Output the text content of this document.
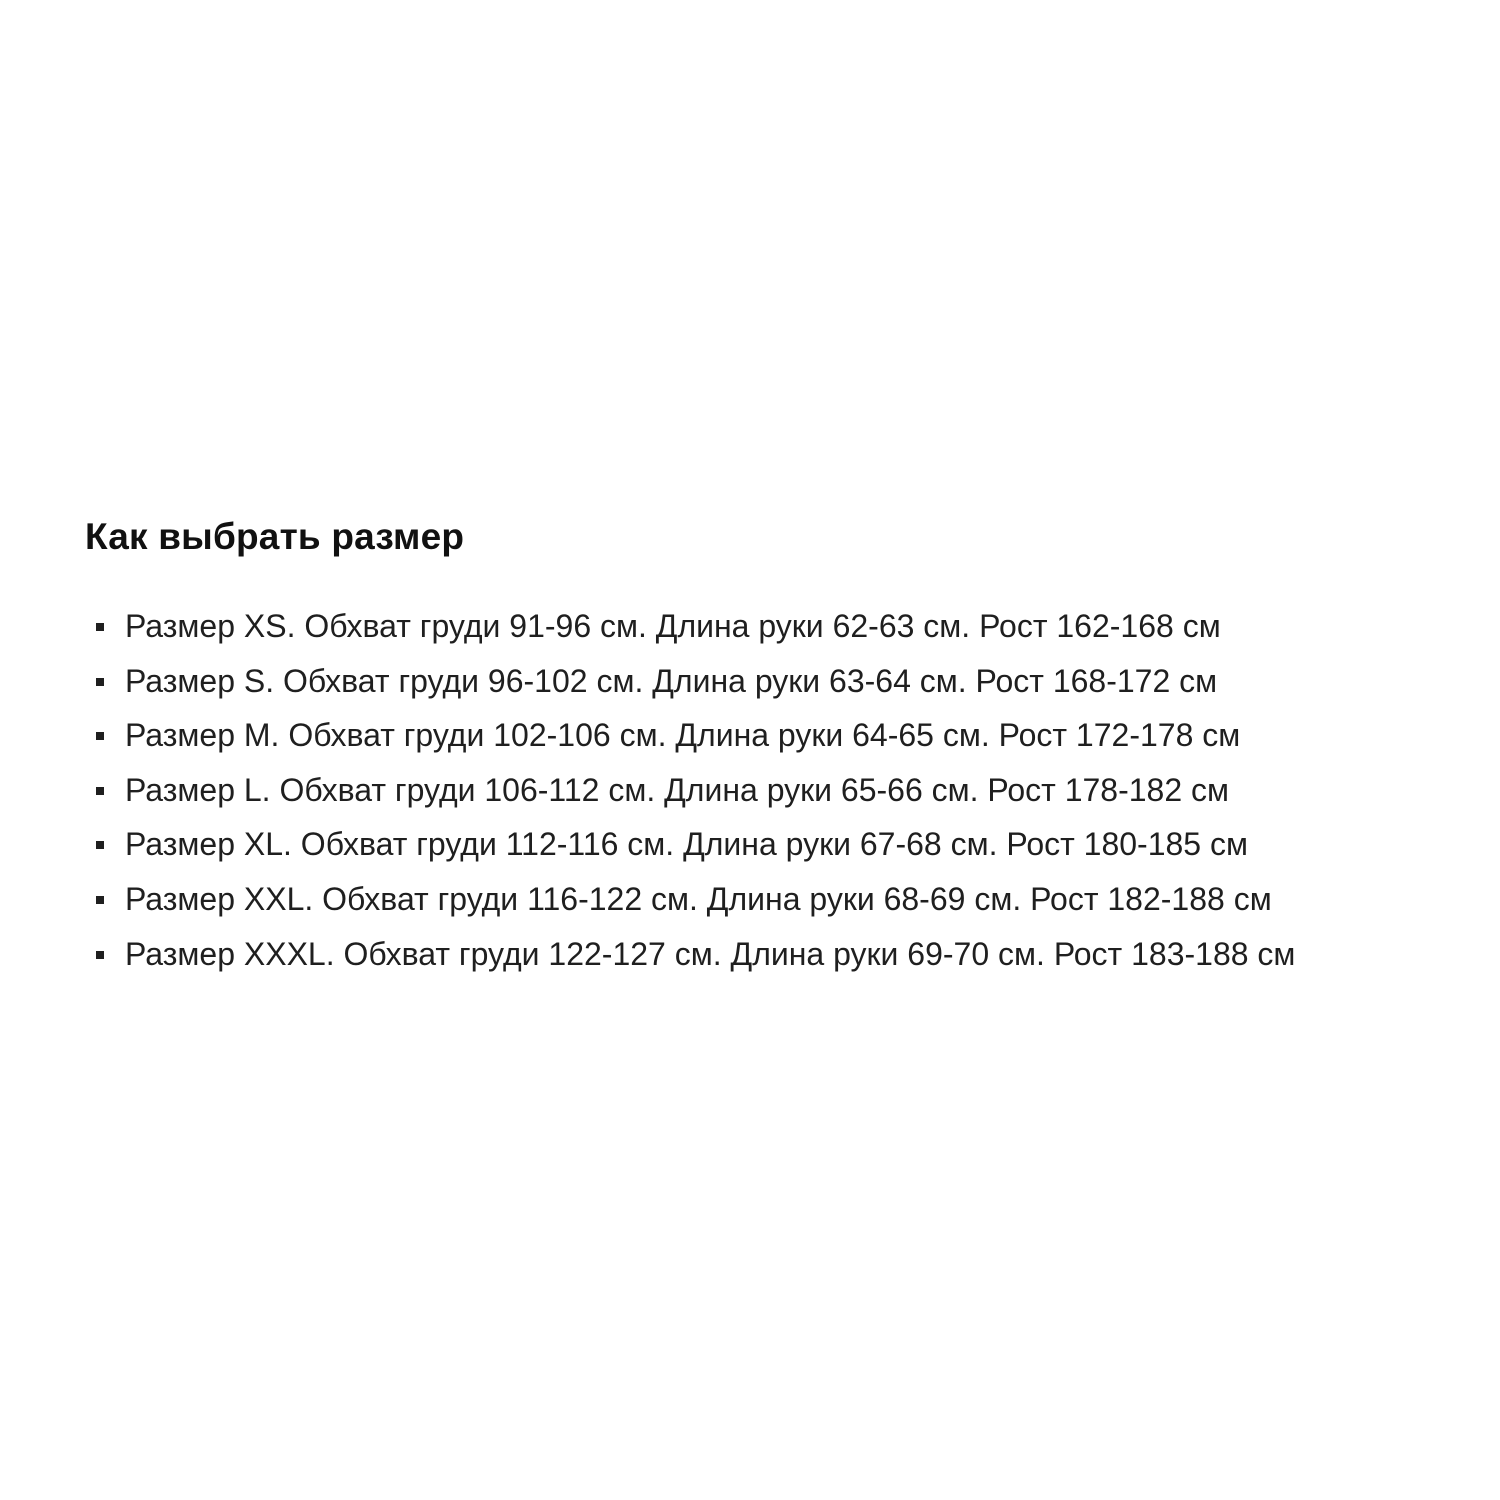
Как выбрать размер
Размер XS. Обхват груди 91-96 см. Длина руки 62-63 см. Рост 162-168 см
Размер S. Обхват груди 96-102 см. Длина руки 63-64 см. Рост 168-172 см
Размер M. Обхват груди 102-106 см. Длина руки 64-65 см. Рост 172-178 см
Размер L. Обхват груди 106-112 см. Длина руки 65-66 см. Рост 178-182 см
Размер XL. Обхват груди 112-116 см. Длина руки 67-68 см. Рост 180-185 см
Размер XXL. Обхват груди 116-122 см. Длина руки 68-69 см. Рост 182-188 см
Размер XXXL. Обхват груди 122-127 см. Длина руки 69-70 см. Рост 183-188 см
